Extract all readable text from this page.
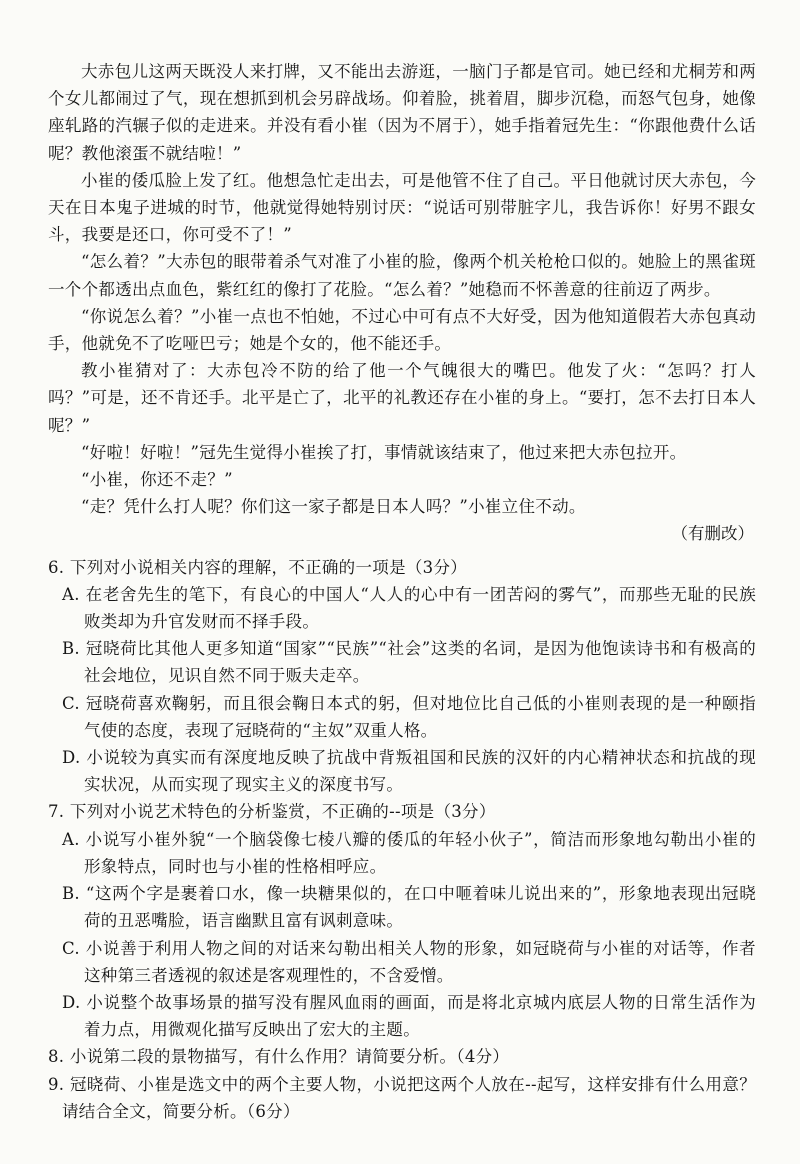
大赤包儿这两天既没人来打牌，又不能出去游逛，一脑门子都是官司。她已经和尤桐芳和两个女儿都闹过了气，现在想抓到机会另辟战场。仰着脸，挑着眉，脚步沉稳，而怒气包身，她像座轧路的汽辗子似的走进来。并没有看小崔（因为不屑于），她手指着冠先生：“你跟他费什么话呢？教他滚蛋不就结啦！”

小崔的倭瓜脸上发了红。他想急忙走出去，可是他管不住了自己。平日他就讨厌大赤包，今天在日本鬼子进城的时节，他就觉得她特别讨厌：“说话可别带脏字儿，我告诉你！好男不跟女斗，我要是还口，你可受不了！”

“怎么着？”大赤包的眼带着杀气对准了小崔的脸，像两个机关枪枪口似的。她脸上的黑雀斑一个个都透出点血色，紫红红的像打了花脸。“怎么着？”她稳而不怀善意的往前迈了两步。

“你说怎么着？”小崔一点也不怕她，不过心中可有点不大好受，因为他知道假若大赤包真动手，他就免不了吃哑巴亏；她是个女的，他不能还手。

教小崔猜对了：大赤包冷不防的给了他一个气魄很大的嘴巴。他发了火：“怎吗？打人吗？”可是，还不肯还手。北平是亡了，北平的礼教还存在小崔的身上。“要打，怎不去打日本人呢？”

“好啦！好啦！”冠先生觉得小崔挨了打，事情就该结束了，他过来把大赤包拉开。

“小崔，你还不走？”

“走？凭什么打人呢？你们这一家子都是日本人吗？”小崔立住不动。

（有删改）

6. 下列对小说相关内容的理解，不正确的一项是（3分）

A. 在老舍先生的笔下，有良心的中国人“人人的心中有一团苦闷的雾气”，而那些无耻的民族败类却为升官发财而不择手段。

B. 冠晓荷比其他人更多知道“国家”“民族”“社会”这类的名词，是因为他饱读诗书和有极高的社会地位，见识自然不同于贩夫走卒。

C. 冠晓荷喜欢鞠躬，而且很会鞠日本式的躬，但对地位比自己低的小崔则表现的是一种颐指气使的态度，表现了冠晓荷的“主奴”双重人格。

D. 小说较为真实而有深度地反映了抗战中背叛祖国和民族的汉奸的内心精神状态和抗战的现实状况，从而实现了现实主义的深度书写。

7. 下列对小说艺术特色的分析鉴赏，不正确的--项是（3分）

A. 小说写小崔外貌“一个脑袋像七棱八瓣的倭瓜的年轻小伙子”，简洁而形象地勾勒出小崔的形象特点，同时也与小崔的性格相呼应。

B. “这两个字是裹着口水，像一块糖果似的，在口中咂着味儿说出来的”，形象地表现出冠晓荷的丑恶嘴脸，语言幽默且富有讽刺意味。

C. 小说善于利用人物之间的对话来勾勒出相关人物的形象，如冠晓荷与小崔的对话等，作者这种第三者透视的叙述是客观理性的，不含爱憎。

D. 小说整个故事场景的描写没有腥风血雨的画面，而是将北京城内底层人物的日常生活作为着力点，用微观化描写反映出了宏大的主题。

8. 小说第二段的景物描写，有什么作用？请简要分析。（4分）

9. 冠晓荷、小崔是选文中的两个主要人物，小说把这两个人放在--起写，这样安排有什么用意？请结合全文，简要分析。（6分）
